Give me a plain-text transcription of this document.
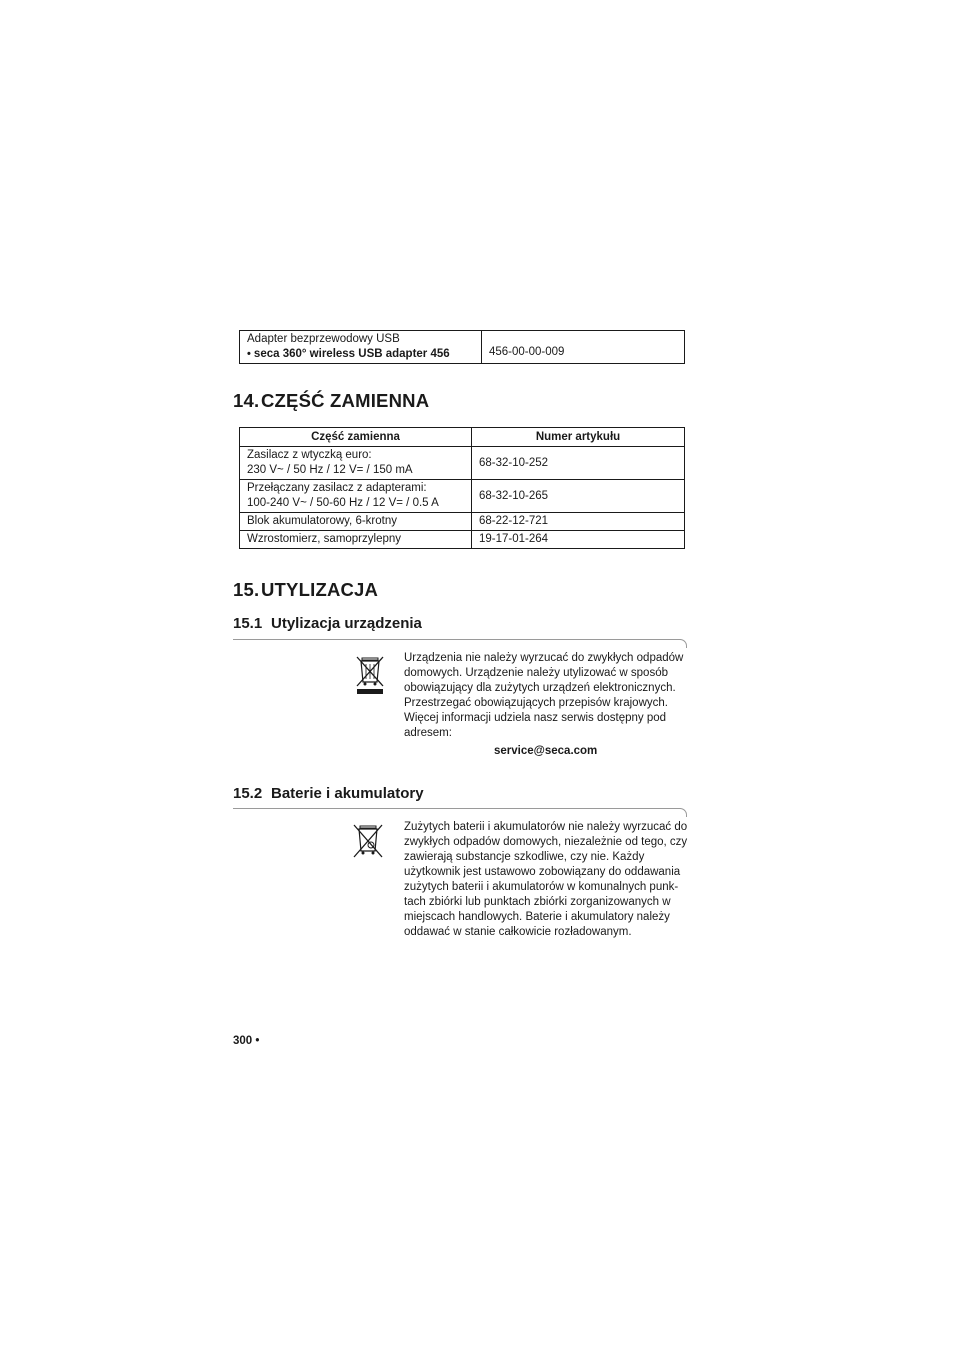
Adapter bezprzewodowy USB
• seca 360° wireless USB adapter 456	456-00-00-009
14.CZĘŚĆ ZAMIENNA
Część zamienna	Numer artykułu

Zasilacz z wtyczką euro:
230 V~ / 50 Hz / 12 V= / 150 mA	68-32-10-252

Przełączany zasilacz z adapterami:
100-240 V~ / 50-60 Hz / 12 V= / 0.5 A	68-32-10-265
Blok akumulatorowy, 6-krotny	68-22-12-721
Wzrostomierz, samoprzylepny	19-17-01-264
15.UTYLIZACJA
15.1 Utylizacja urządzenia

Urządzenia nie należy wyrzucać do zwykłych odpadów domowych. Urządzenie należy utylizować w sposób obowiązujący dla zużytych urządzeń elektronicznych. Przestrzegać obowiązujących przepisów krajowych. Więcej informacji udziela nasz serwis dostępny pod adresem:

service@seca.com
15.2 Baterie i akumulatory

Zużytych baterii i akumulatorów nie należy wyrzucać do zwykłych odpadów domowych, niezależnie od tego, czy zawierają substancje szkodliwe, czy nie. Każdy użytkownik jest ustawowo zobowiązany do oddawania zużytych baterii i akumulatorów w komunalnych punk-tach zbiórki lub punktach zbiórki zorganizowanych w miejscach handlowych. Baterie i akumulatory należy oddawać w stanie całkowicie rozładowanym.

300 •
